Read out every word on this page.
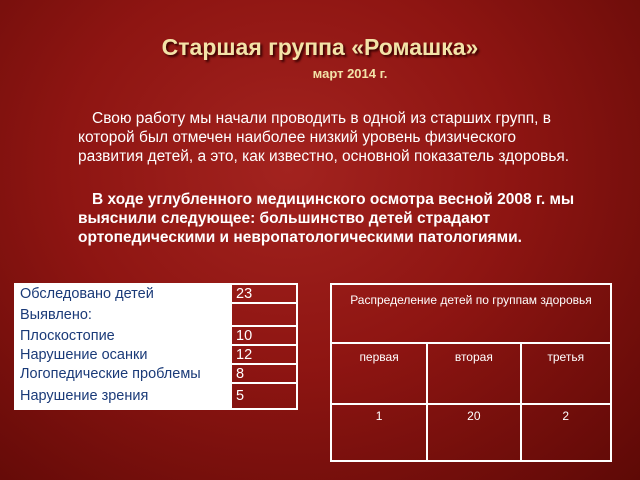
Старшая группа «Ромашка»
март 2014 г.
Свою работу мы начали проводить в одной из старших групп, в которой был отмечен наиболее низкий уровень физического развития детей, а это, как известно, основной показатель здоровья.
В ходе углубленного медицинского осмотра весной 2008 г. мы выяснили следующее: большинство детей страдают ортопедическими и невропатологическими патологиями.
Обследовано детей	23
Выявлено:	
Плоскостопие	10
Нарушение осанки	12
Логопедические проблемы	8
Нарушение зрения	5
Распределение детей по группам здоровья		
первая	вторая	третья
1	20	2
